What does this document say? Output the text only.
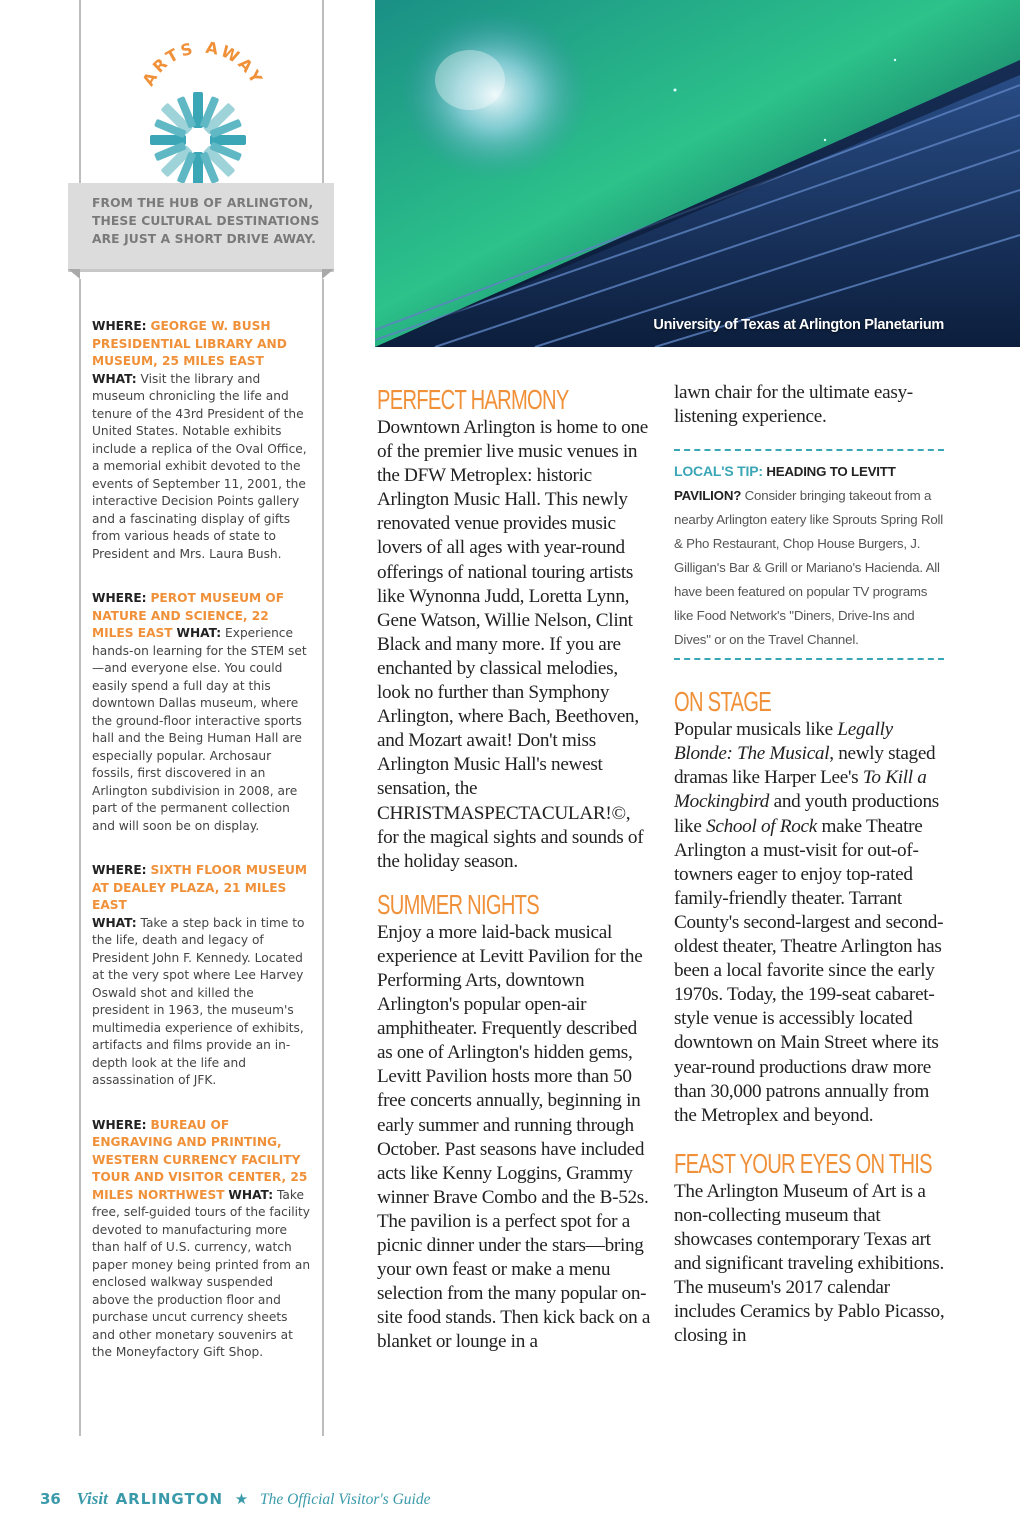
ARTS AWAY
FROM THE HUB OF ARLINGTON, THESE CULTURAL DESTINATIONS ARE JUST A SHORT DRIVE AWAY.
WHERE: GEORGE W. BUSH PRESIDENTIAL LIBRARY AND MUSEUM, 25 MILES EAST
WHAT: Visit the library and museum chronicling the life and tenure of the 43rd President of the United States. Notable exhibits include a replica of the Oval Office, a memorial exhibit devoted to the events of September 11, 2001, the interactive Decision Points gallery and a fascinating display of gifts from various heads of state to President and Mrs. Laura Bush.
WHERE: PEROT MUSEUM OF NATURE AND SCIENCE, 22 MILES EAST WHAT: Experience hands-on learning for the STEM set—and everyone else. You could easily spend a full day at this downtown Dallas museum, where the ground-floor interactive sports hall and the Being Human Hall are especially popular. Archosaur fossils, first discovered in an Arlington subdivision in 2008, are part of the permanent collection and will soon be on display.
WHERE: SIXTH FLOOR MUSEUM AT DEALEY PLAZA, 21 MILES EAST
WHAT: Take a step back in time to the life, death and legacy of President John F. Kennedy. Located at the very spot where Lee Harvey Oswald shot and killed the president in 1963, the museum's multimedia experience of exhibits, artifacts and films provide an in-depth look at the life and assassination of JFK.
WHERE: BUREAU OF ENGRAVING AND PRINTING, WESTERN CURRENCY FACILITY TOUR AND VISITOR CENTER, 25 MILES NORTHWEST WHAT: Take free, self-guided tours of the facility devoted to manufacturing more than half of U.S. currency, watch paper money being printed from an enclosed walkway suspended above the production floor and purchase uncut currency sheets and other monetary souvenirs at the Moneyfactory Gift Shop.
University of Texas at Arlington Planetarium
PERFECT HARMONY

Downtown Arlington is home to one of the premier live music venues in the DFW Metroplex: historic Arlington Music Hall. This newly renovated venue provides music lovers of all ages with year-round offerings of national touring artists like Wynonna Judd, Loretta Lynn, Gene Watson, Willie Nelson, Clint Black and many more. If you are enchanted by classical melodies, look no further than Symphony Arlington, where Bach, Beethoven, and Mozart await! Don't miss Arlington Music Hall's newest sensation, the CHRISTMASPECTACULAR!©, for the magical sights and sounds of the holiday season.

SUMMER NIGHTS

Enjoy a more laid-back musical experience at Levitt Pavilion for the Performing Arts, downtown Arlington's popular open-air amphitheater. Frequently described as one of Arlington's hidden gems, Levitt Pavilion hosts more than 50 free concerts annually, beginning in early summer and running through October. Past seasons have included acts like Kenny Loggins, Grammy winner Brave Combo and the B-52s. The pavilion is a perfect spot for a picnic dinner under the stars—bring your own feast or make a menu selection from the many popular on-site food stands. Then kick back on a blanket or lounge in a

lawn chair for the ultimate easy-listening experience.

LOCAL'S TIP: HEADING TO LEVITT PAVILION? Consider bringing takeout from a nearby Arlington eatery like Sprouts Spring Roll & Pho Restaurant, Chop House Burgers, J. Gilligan's Bar & Grill or Mariano's Hacienda. All have been featured on popular TV programs like Food Network's "Diners, Drive-Ins and Dives" or on the Travel Channel.
ON STAGE

Popular musicals like Legally Blonde: The Musical, newly staged dramas like Harper Lee's To Kill a Mockingbird and youth productions like School of Rock make Theatre Arlington a must-visit for out-of-towners eager to enjoy top-rated family-friendly theater. Tarrant County's second-largest and second-oldest theater, Theatre Arlington has been a local favorite since the early 1970s. Today, the 199-seat cabaret-style venue is accessibly located downtown on Main Street where its year-round productions draw more than 30,000 patrons annually from the Metroplex and beyond.

FEAST YOUR EYES ON THIS

The Arlington Museum of Art is a non-collecting museum that showcases contemporary Texas art and significant traveling exhibitions. The museum's 2017 calendar includes Ceramics by Pablo Picasso, closing in

36 Visit ARLINGTON ★ The Official Visitor's Guide
